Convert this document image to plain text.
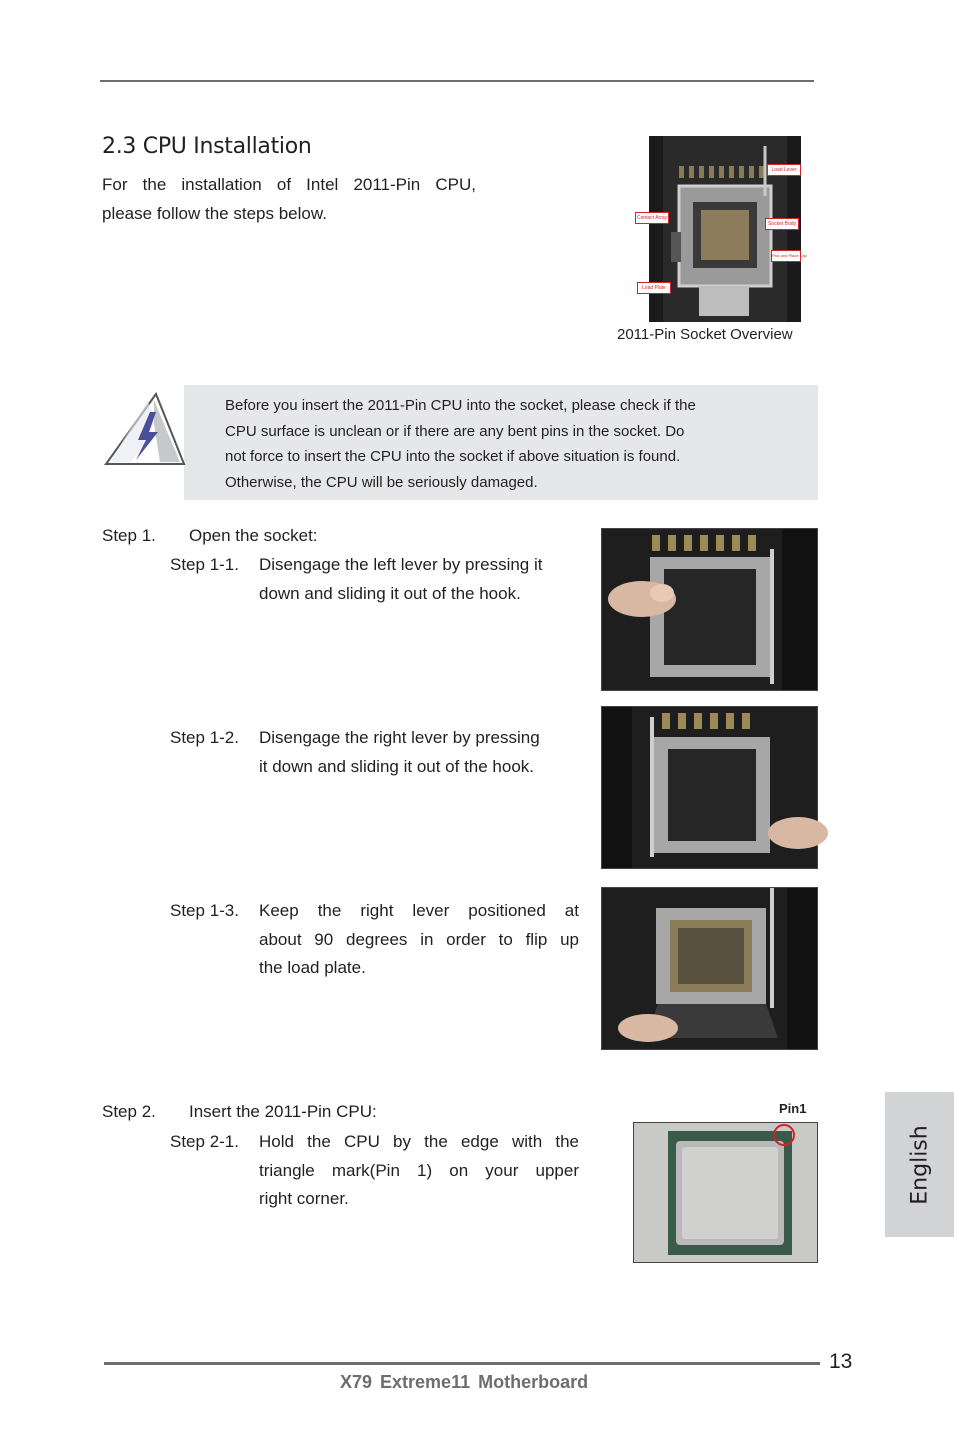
2.3 CPU Installation
For the installation of Intel 2011-Pin CPU,
please follow the steps below.
Load Lever
Contact Array
Socket Body
Load Plate
Pick and Place Cap
2011-Pin Socket Overview
Before you insert the 2011-Pin CPU into the socket, please check if the
CPU surface is unclean or if there are any bent pins in the socket. Do
not force to insert the CPU into the socket if above situation is found.
Otherwise, the CPU will be seriously damaged.
Step 1. Open the socket:
Step 1-1. Disengage the left lever by pressing it
down and sliding it out of the hook.
Step 1-2. Disengage the right lever by pressing
it down and sliding it out of the hook.
Step 1-3. Keep the right lever positioned at
about 90 degrees in order to flip up
the load plate.
Step 2. Insert the 2011-Pin CPU:
Step 2-1. Hold the CPU by the edge with the
triangle mark(Pin 1) on your upper
right corner.
Pin1
English
13
X79 Extreme11 Motherboard
